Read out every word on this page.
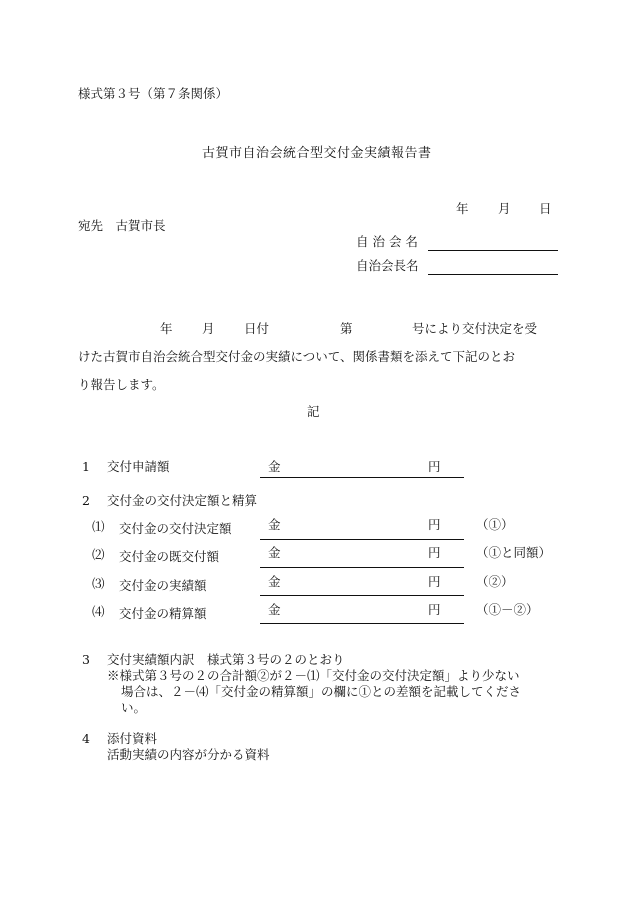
様式第３号（第７条関係）
古賀市自治会統合型交付金実績報告書
年 月 日
宛先　古賀市長
自 治 会 名
自治会長名
年 月 日付	第	号により交付決定を受
けた古賀市自治会統合型交付金の実績について、関係書類を添えて下記のとお
り報告します。
記
1 交付申請額	金	円
2 交付金の交付決定額と精算
⑴ 交付金の交付決定額	金	円	（①）
⑵ 交付金の既交付額	金	円	（①と同額）
⑶ 交付金の実績額	金	円	（②）
⑷ 交付金の精算額	金	円	（①－②）
3 交付実績額内訳　様式第３号の２のとおり
※様式第３号の２の合計額②が２－⑴「交付金の交付決定額」より少ない
場合は、２－⑷「交付金の精算額」の欄に①との差額を記載してくださ
い。
4 添付資料
活動実績の内容が分かる資料
